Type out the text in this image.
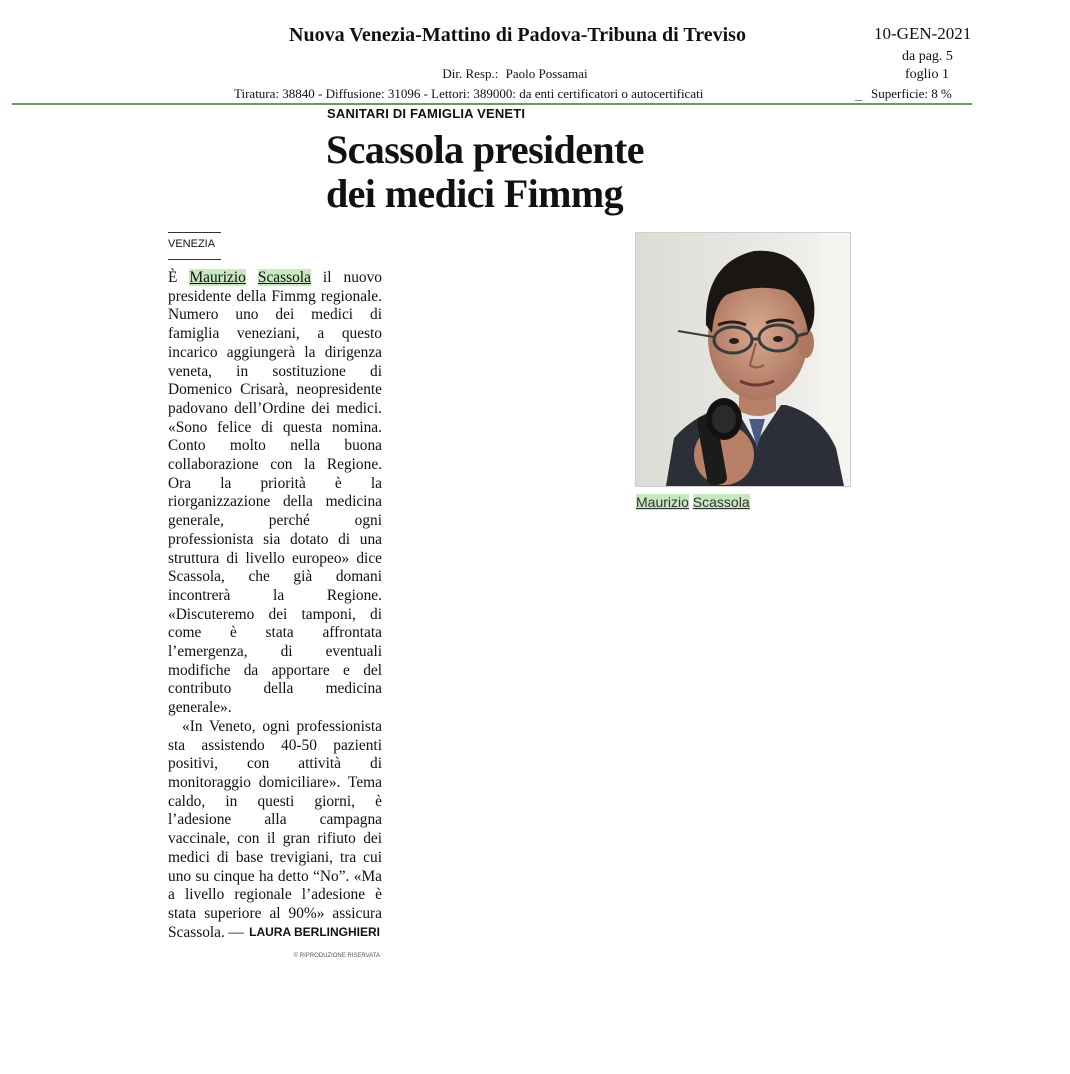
Nuova Venezia-Mattino di Padova-Tribuna di Treviso	10-GEN-2021
da pag. 5
foglio 1
Dir. Resp.: Paolo Possamai
Tiratura: 38840 - Diffusione: 31096 - Lettori: 389000: da enti certificatori o autocertificati	Superficie: 8 %
SANITARI DI FAMIGLIA VENETI
Scassola presidente
dei medici Fimmg
VENEZIA

È Maurizio Scassola il nuovo presidente della Fimmg regionale. Numero uno dei medici di famiglia veneziani, a questo incarico aggiungerà la dirigenza veneta, in sostituzione di Domenico Crisarà, neopresidente padovano dell’Ordine dei medici. «Sono felice di questa nomina. Conto molto nella buona collaborazione con la Regione. Ora la priorità è la riorganizzazione della medicina generale, perché ogni professionista sia dotato di una struttura di livello europeo» dice Scassola, che già domani incontrerà la Regione. «Discuteremo dei tamponi, di come è stata affrontata l’emergenza, di eventuali modifiche da apportare e del contributo della medicina generale».

«In Veneto, ogni professionista sta assistendo 40-50 pazienti positivi, con attività di monitoraggio domiciliare». Tema caldo, in questi giorni, è l’adesione alla campagna vaccinale, con il gran rifiuto dei medici di base trevigiani, tra cui uno su cinque ha detto “No”. «Ma a livello regionale l’adesione è stata superiore al 90%» assicura Scassola. — LAURA BERLINGHIERI
© RIPRODUZIONE RISERVATA
Maurizio Scassola
